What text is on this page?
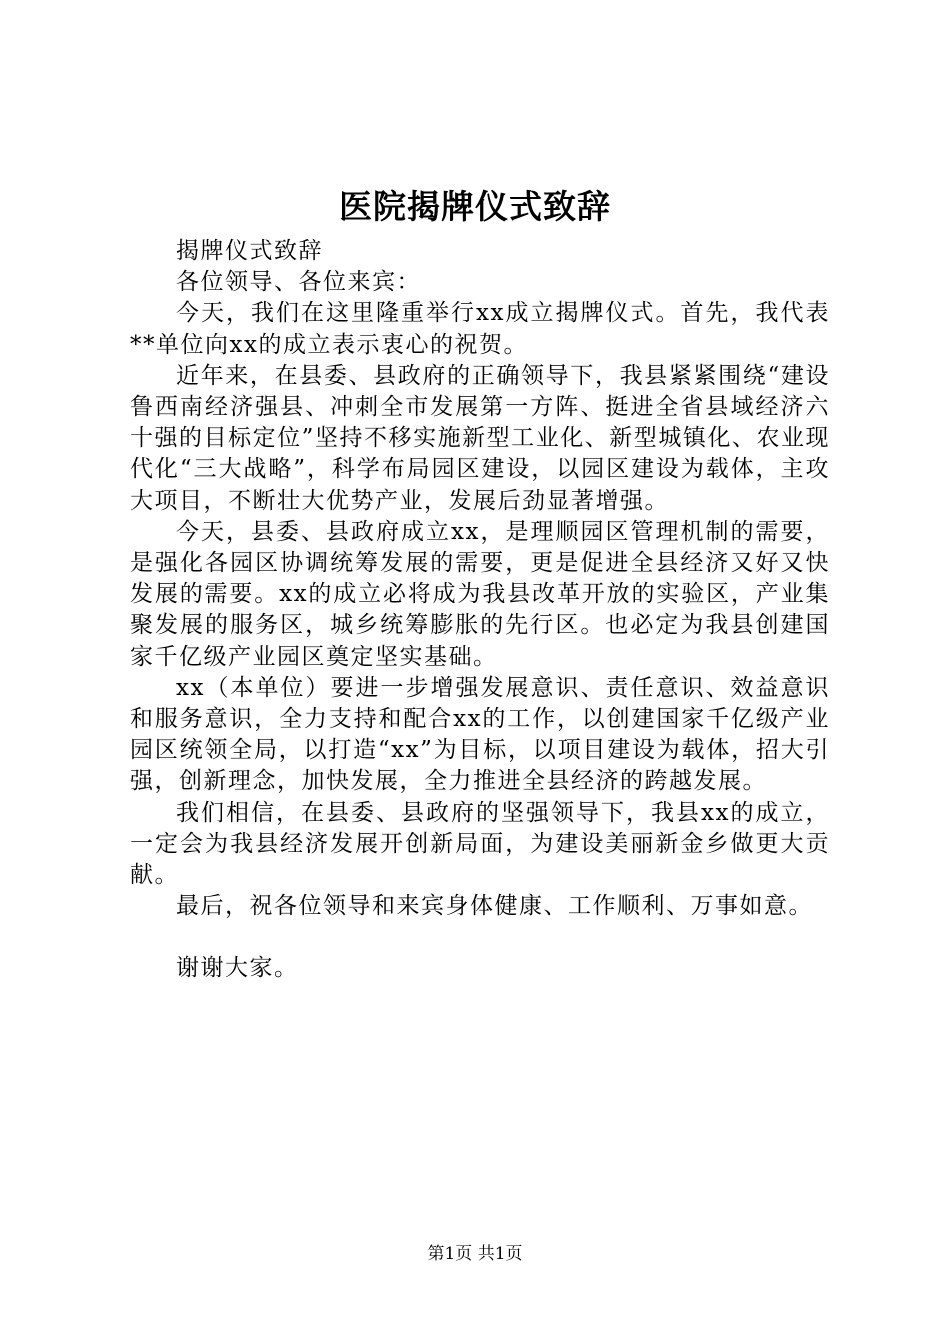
医院揭牌仪式致辞

揭牌仪式致辞

各位领导、各位来宾：

今天，我们在这里隆重举行xx成立揭牌仪式。首先，我代表**单位向xx的成立表示衷心的祝贺。

近年来，在县委、县政府的正确领导下，我县紧紧围绕“建设鲁西南经济强县、冲刺全市发展第一方阵、挺进全省县域经济六十强的目标定位”坚持不移实施新型工业化、新型城镇化、农业现代化“三大战略”，科学布局园区建设，以园区建设为载体，主攻大项目，不断壮大优势产业，发展后劲显著增强。

今天，县委、县政府成立xx，是理顺园区管理机制的需要，是强化各园区协调统筹发展的需要，更是促进全县经济又好又快发展的需要。xx的成立必将成为我县改革开放的实验区，产业集聚发展的服务区，城乡统筹膨胀的先行区。也必定为我县创建国家千亿级产业园区奠定坚实基础。

xx（本单位）要进一步增强发展意识、责任意识、效益意识和服务意识，全力支持和配合xx的工作，以创建国家千亿级产业园区统领全局，以打造“xx”为目标，以项目建设为载体，招大引强，创新理念，加快发展，全力推进全县经济的跨越发展。

我们相信，在县委、县政府的坚强领导下，我县xx的成立，一定会为我县经济发展开创新局面，为建设美丽新金乡做更大贡献。

最后，祝各位领导和来宾身体健康、工作顺利、万事如意。

谢谢大家。

第1页 共1页
